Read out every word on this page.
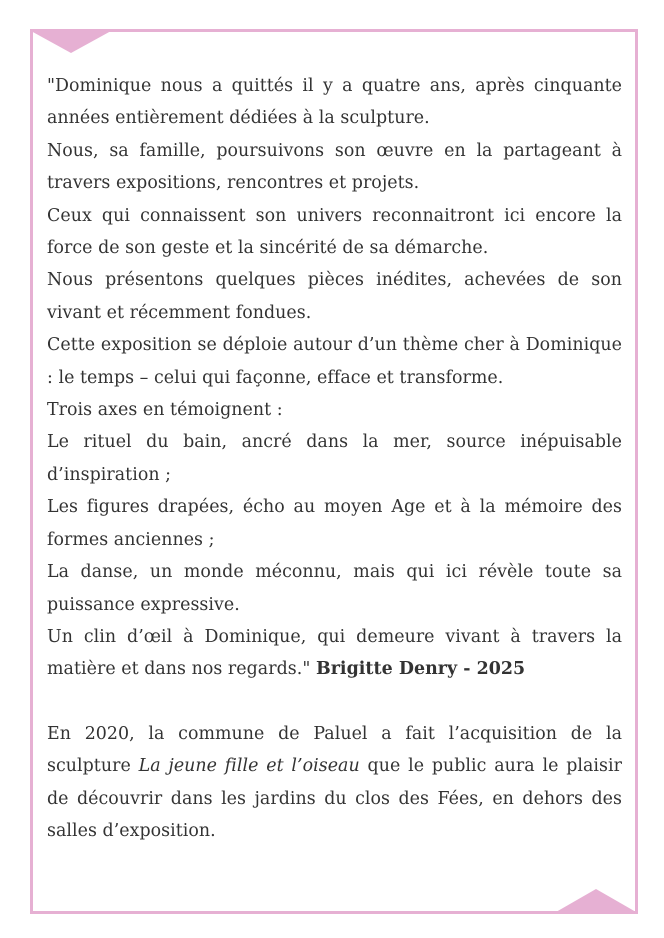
"Dominique nous a quittés il y a quatre ans, après cinquante années entièrement dédiées à la sculpture.

Nous, sa famille, poursuivons son œuvre en la partageant à travers expositions, rencontres et projets.

Ceux qui connaissent son univers reconnaitront ici encore la force de son geste et la sincérité de sa démarche.

Nous présentons quelques pièces inédites, achevées de son vivant et récemment fondues.

Cette exposition se déploie autour d’un thème cher à Dominique : le temps – celui qui façonne, efface et transforme.

Trois axes en témoignent :

Le rituel du bain, ancré dans la mer, source inépuisable d’inspiration ;

Les figures drapées, écho au moyen Age et à la mémoire des formes anciennes ;

La danse, un monde méconnu, mais qui ici révèle toute sa puissance expressive.

Un clin d’œil à Dominique, qui demeure vivant à travers la matière et dans nos regards." Brigitte Denry - 2025

En 2020, la commune de Paluel a fait l’acquisition de la sculpture La jeune fille et l’oiseau que le public aura le plaisir de découvrir dans les jardins du clos des Fées, en dehors des salles d’exposition.
